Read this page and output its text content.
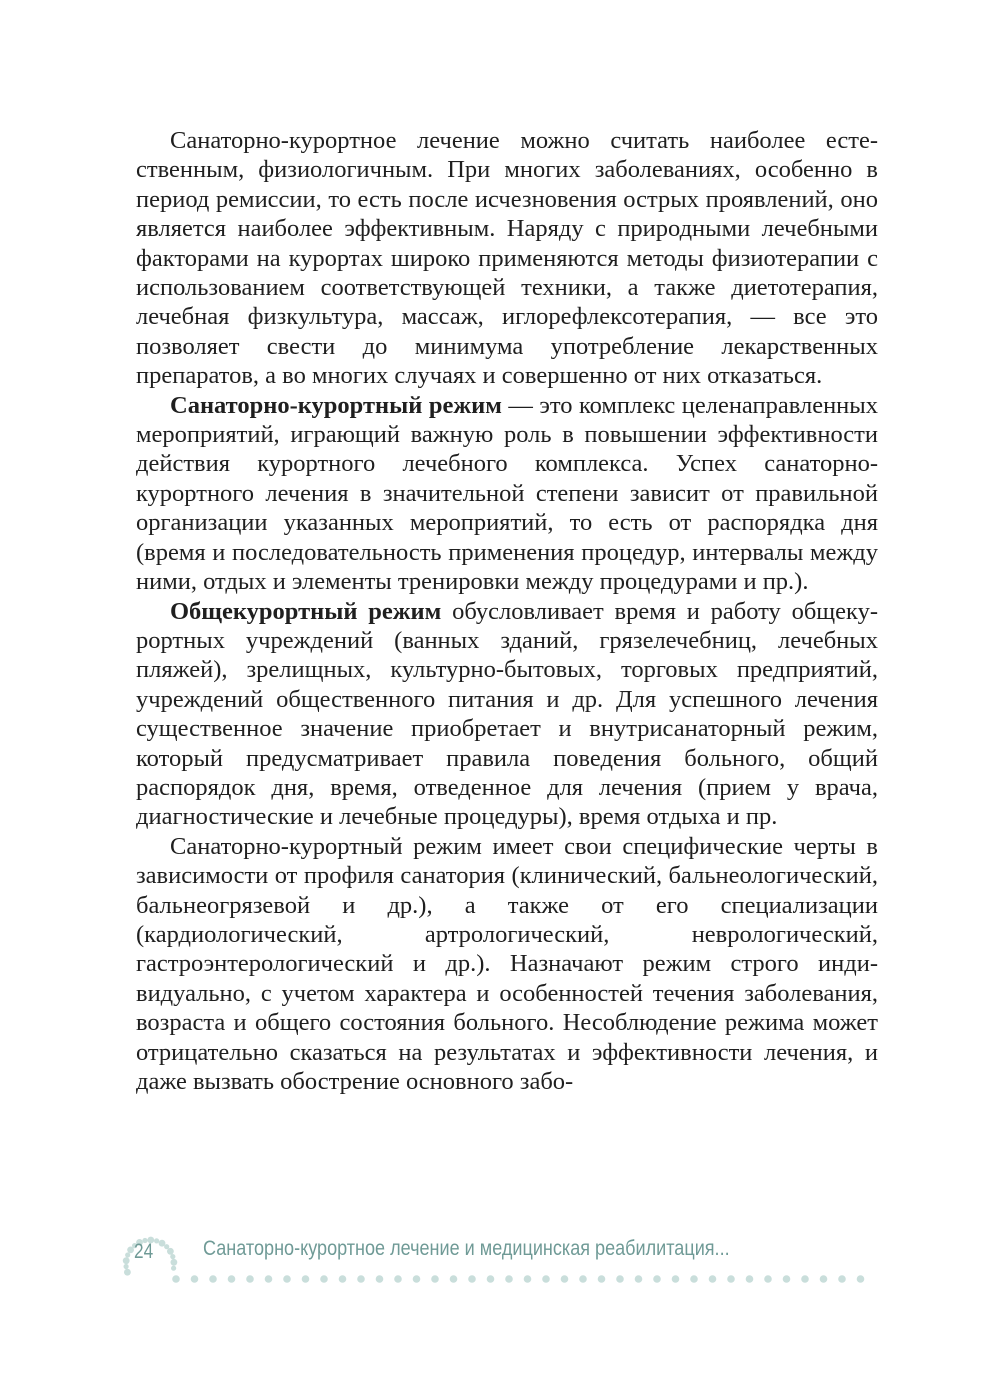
Санаторно-курортное лечение можно считать наиболее естественным, физиологичным. При многих заболеваниях, особенно в период ремиссии, то есть после исчезновения острых проявлений, оно является наиболее эффективным. Наряду с природными лечебными факторами на курортах широко применяются методы физиотерапии с использованием соответствующей техники, а также диетотерапия, лечебная физкультура, массаж, иглорефлексотерапия, — все это позволяет свести до минимума употребление лекарственных препаратов, а во многих случаях и совершенно от них отказаться.

Санаторно-курортный режим — это комплекс целенаправленных мероприятий, играющий важную роль в повышении эффективности действия курортного лечебного комплекса. Успех санаторно-курортного лечения в значительной степени зависит от правильной организации указанных мероприятий, то есть от распорядка дня (время и последовательность применения процедур, интервалы между ними, отдых и элементы тренировки между процедурами и пр.).

Общекурортный режим обусловливает время и работу общекурортных учреждений (ванных зданий, грязелечебниц, лечебных пляжей), зрелищных, культурно-бытовых, торговых предприятий, учреждений общественного питания и др. Для успешного лечения существенное значение приобретает и внутрисанаторный режим, который предусматривает правила поведения больного, общий распорядок дня, время, отведенное для лечения (прием у врача, диагностические и лечебные процедуры), время отдыха и пр.

Санаторно-курортный режим имеет свои специфические черты в зависимости от профиля санатория (клинический, бальнеологический, бальнеогрязевой и др.), а также от его специализации (кардиологический, артрологический, неврологический, гастроэнтерологический и др.). Назначают режим строго индивидуально, с учетом характера и особенностей течения заболевания, возраста и общего состояния больного. Несоблюдение режима может отрицательно сказаться на результатах и эффективности лечения, и даже вызвать обострение основного забо-

24 Санаторно-курортное лечение и медицинская реабилитация...
